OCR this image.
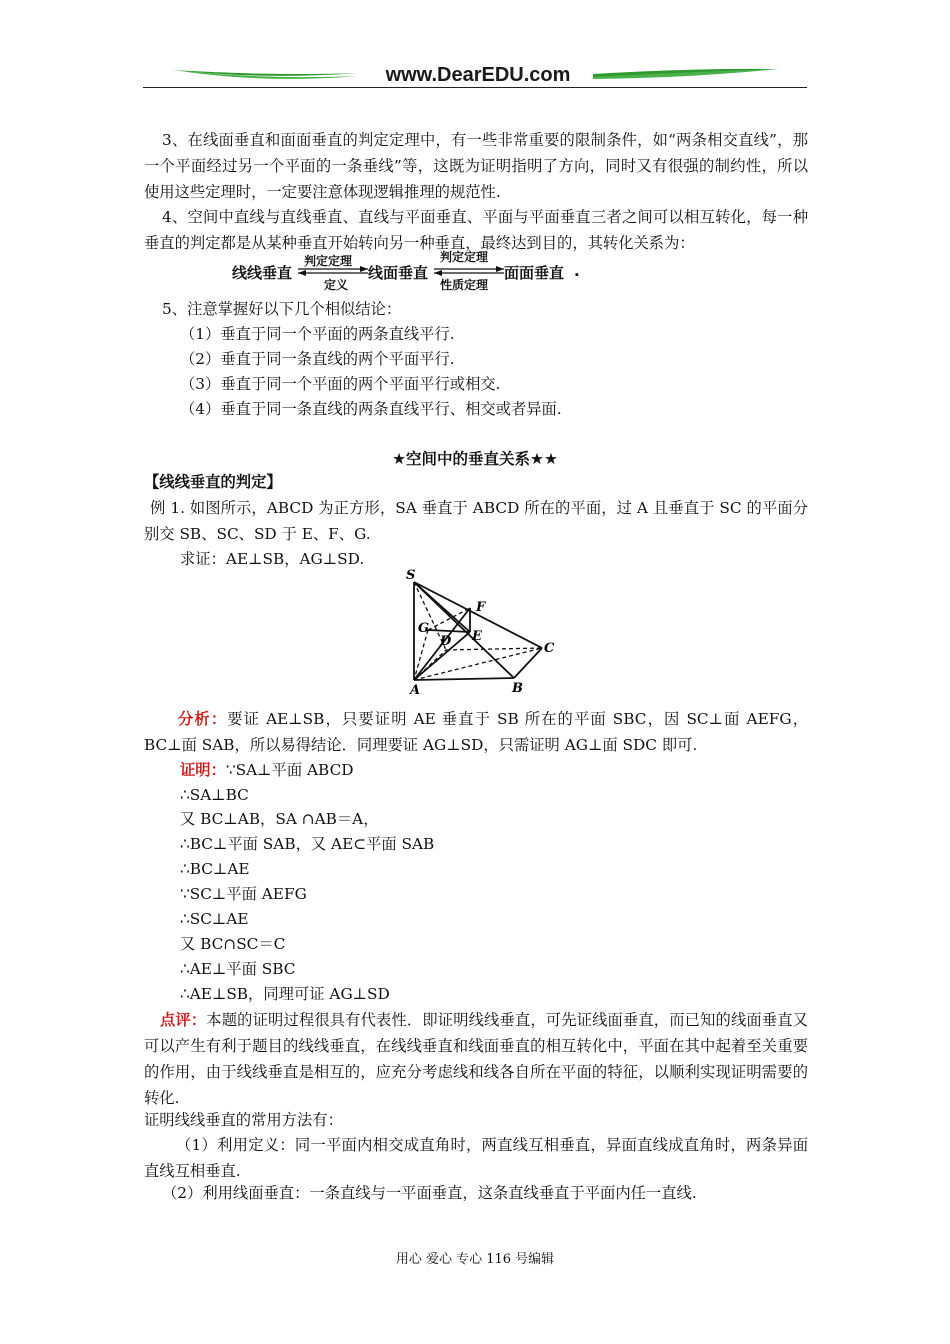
www.DearEDU.com
3、在线面垂直和面面垂直的判定定理中，有一些非常重要的限制条件，如“两条相交直线”，那一个平面经过另一个平面的一条垂线”等，这既为证明指明了方向，同时又有很强的制约性，所以使用这些定理时，一定要注意体现逻辑推理的规范性.
4、空间中直线与直线垂直、直线与平面垂直、平面与平面垂直三者之间可以相互转化，每一种垂直的判定都是从某种垂直开始转向另一种垂直，最终达到目的，其转化关系为：
线线垂直
判定定理
定义
线面垂直
判定定理
性质定理
面面垂直 .
5、注意掌握好以下几个相似结论：
（1）垂直于同一个平面的两条直线平行.
（2）垂直于同一条直线的两个平面平行.
（3）垂直于同一个平面的两个平面平行或相交.
（4）垂直于同一条直线的两条直线平行、相交或者异面.
★空间中的垂直关系★★
【线线垂直的判定】
例 1. 如图所示，ABCD 为正方形，SA 垂直于 ABCD 所在的平面，过 A 且垂直于 SC 的平面分别交 SB、SC、SD 于 E、F、G.
求证：AE⊥SB，AG⊥SD.
S
F
G
D E
C
A	B
分析：要证 AE⊥SB，只要证明 AE 垂直于 SB 所在的平面 SBC，因 SC⊥面 AEFG，BC⊥面 SAB，所以易得结论．同理要证 AG⊥SD，只需证明 AG⊥面 SDC 即可.
证明：∵SA⊥平面 ABCD
∴SA⊥BC
又 BC⊥AB，SA ∩AB＝A，
∴BC⊥平面 SAB，又 AE⊂平面 SAB
∴BC⊥AE
∵SC⊥平面 AEFG
∴SC⊥AE
又 BC∩SC＝C
∴AE⊥平面 SBC
∴AE⊥SB，同理可证 AG⊥SD
点评：本题的证明过程很具有代表性．即证明线线垂直，可先证线面垂直，而已知的线面垂直又可以产生有利于题目的线线垂直，在线线垂直和线面垂直的相互转化中，平面在其中起着至关重要的作用，由于线线垂直是相互的，应充分考虑线和线各自所在平面的特征，以顺利实现证明需要的转化.
证明线线垂直的常用方法有：
（1）利用定义：同一平面内相交成直角时，两直线互相垂直，异面直线成直角时，两条异面直线互相垂直.
（2）利用线面垂直：一条直线与一平面垂直，这条直线垂直于平面内任一直线.
用心 爱心 专心 116 号编辑
